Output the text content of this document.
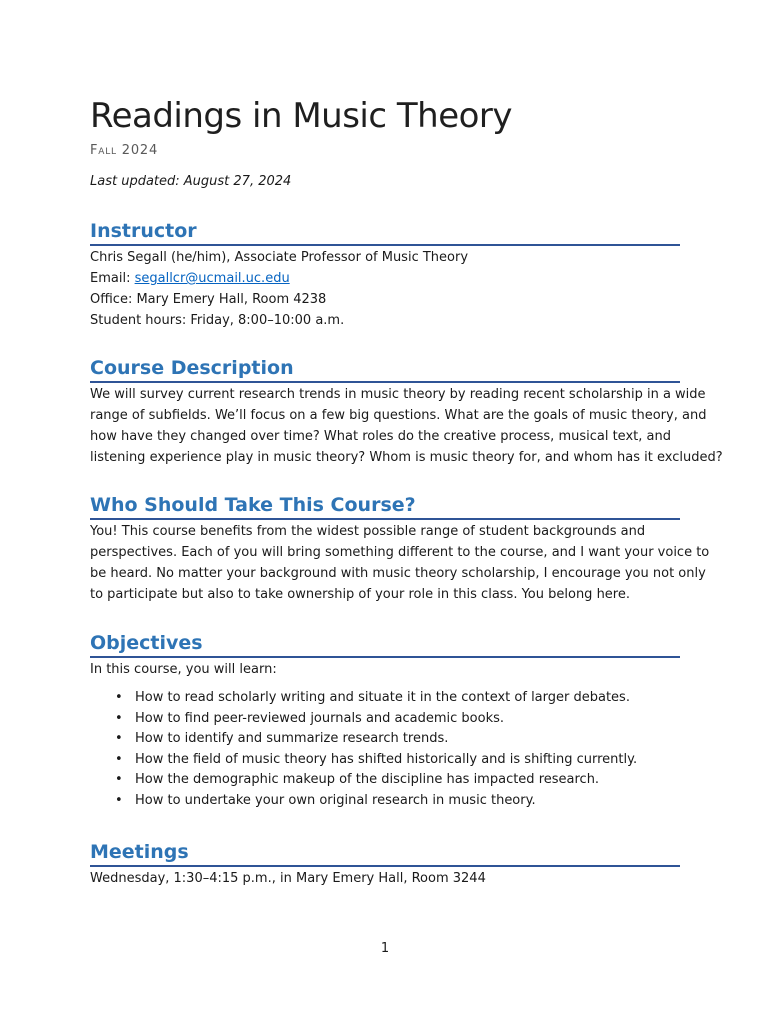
Readings in Music Theory
Fall 2024
Last updated: August 27, 2024
Instructor
Chris Segall (he/him), Associate Professor of Music Theory
Email: segallcr@ucmail.uc.edu
Office: Mary Emery Hall, Room 4238
Student hours: Friday, 8:00–10:00 a.m.
Course Description
We will survey current research trends in music theory by reading recent scholarship in a wide
range of subfields. We’ll focus on a few big questions. What are the goals of music theory, and
how have they changed over time? What roles do the creative process, musical text, and
listening experience play in music theory? Whom is music theory for, and whom has it excluded?
Who Should Take This Course?
You! This course benefits from the widest possible range of student backgrounds and
perspectives. Each of you will bring something different to the course, and I want your voice to
be heard. No matter your background with music theory scholarship, I encourage you not only
to participate but also to take ownership of your role in this class. You belong here.
Objectives
In this course, you will learn:
• How to read scholarly writing and situate it in the context of larger debates.
• How to find peer-reviewed journals and academic books.
• How to identify and summarize research trends.
• How the field of music theory has shifted historically and is shifting currently.
• How the demographic makeup of the discipline has impacted research.
• How to undertake your own original research in music theory.
Meetings
Wednesday, 1:30–4:15 p.m., in Mary Emery Hall, Room 3244
1
